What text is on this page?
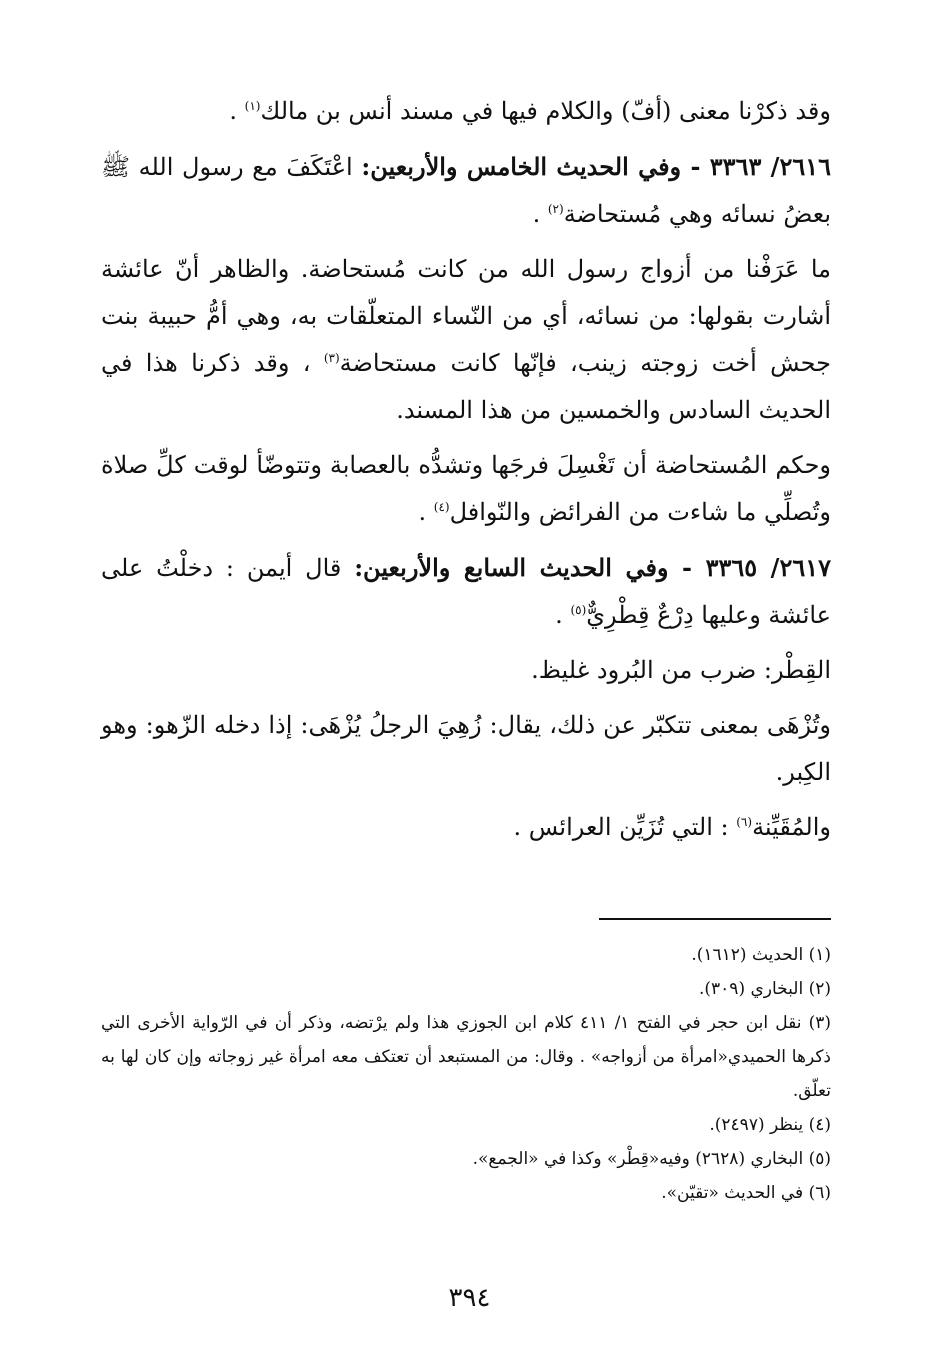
وقد ذكرْنا معنى (أفّ) والكلام فيها في مسند أنس بن مالك$^{(١)}$ .

٢٦١٦/ ٣٣٦٣ - وفي الحديث الخامس والأربعين: اعْتَكَفَ مع رسول الله ﷺ بعضُ نسائه وهي مُستحاضة$^{(٢)}$ .

ما عَرَفْنا من أزواج رسول الله من كانت مُستحاضة. والظاهر أنّ عائشة أشارت بقولها: من نسائه، أي من النّساء المتعلّقات به، وهي أمُّ حبيبة بنت جحش أخت زوجته زينب، فإنّها كانت مستحاضة$^{(٣)}$ ، وقد ذكرنا هذا في الحديث السادس والخمسين من هذا المسند.

وحكم المُستحاضة أن تَغْسِلَ فرجَها وتشدُّه بالعصابة وتتوضّأ لوقت كلِّ صلاة وتُصلِّي ما شاءت من الفرائض والنّوافل$^{(٤)}$ .

٢٦١٧/ ٣٣٦٥ - وفي الحديث السابع والأربعين: قال أيمن : دخلْتُ على عائشة وعليها دِرْعٌ قِطْرِيٌّ$^{(٥)}$ .

القِطْر: ضرب من البُرود غليظ.

وتُزْهَى بمعنى تتكبّر عن ذلك، يقال: زُهِيَ الرجلُ يُزْهَى: إذا دخله الزّهو: وهو الكِبر.

والمُقَيِّنة$^{(٦)}$ : التي تُزَيِّن العرائس .

(١) الحديث (١٦١٢).

(٢) البخاري (٣٠٩).

(٣) نقل ابن حجر في الفتح ١/ ٤١١ كلام ابن الجوزي هذا ولم يرْتضه، وذكر أن في الرّواية الأخرى التي ذكرها الحميدي«امرأة من أزواجه» . وقال: من المستبعد أن تعتكف معه امرأة غير زوجاته وإن كان لها به تعلّق.

(٤) ينظر (٢٤٩٧).

(٥) البخاري (٢٦٢٨) وفيه«قِطْر» وكذا في «الجمع».

(٦) في الحديث «تقيّن».

٣٩٤
